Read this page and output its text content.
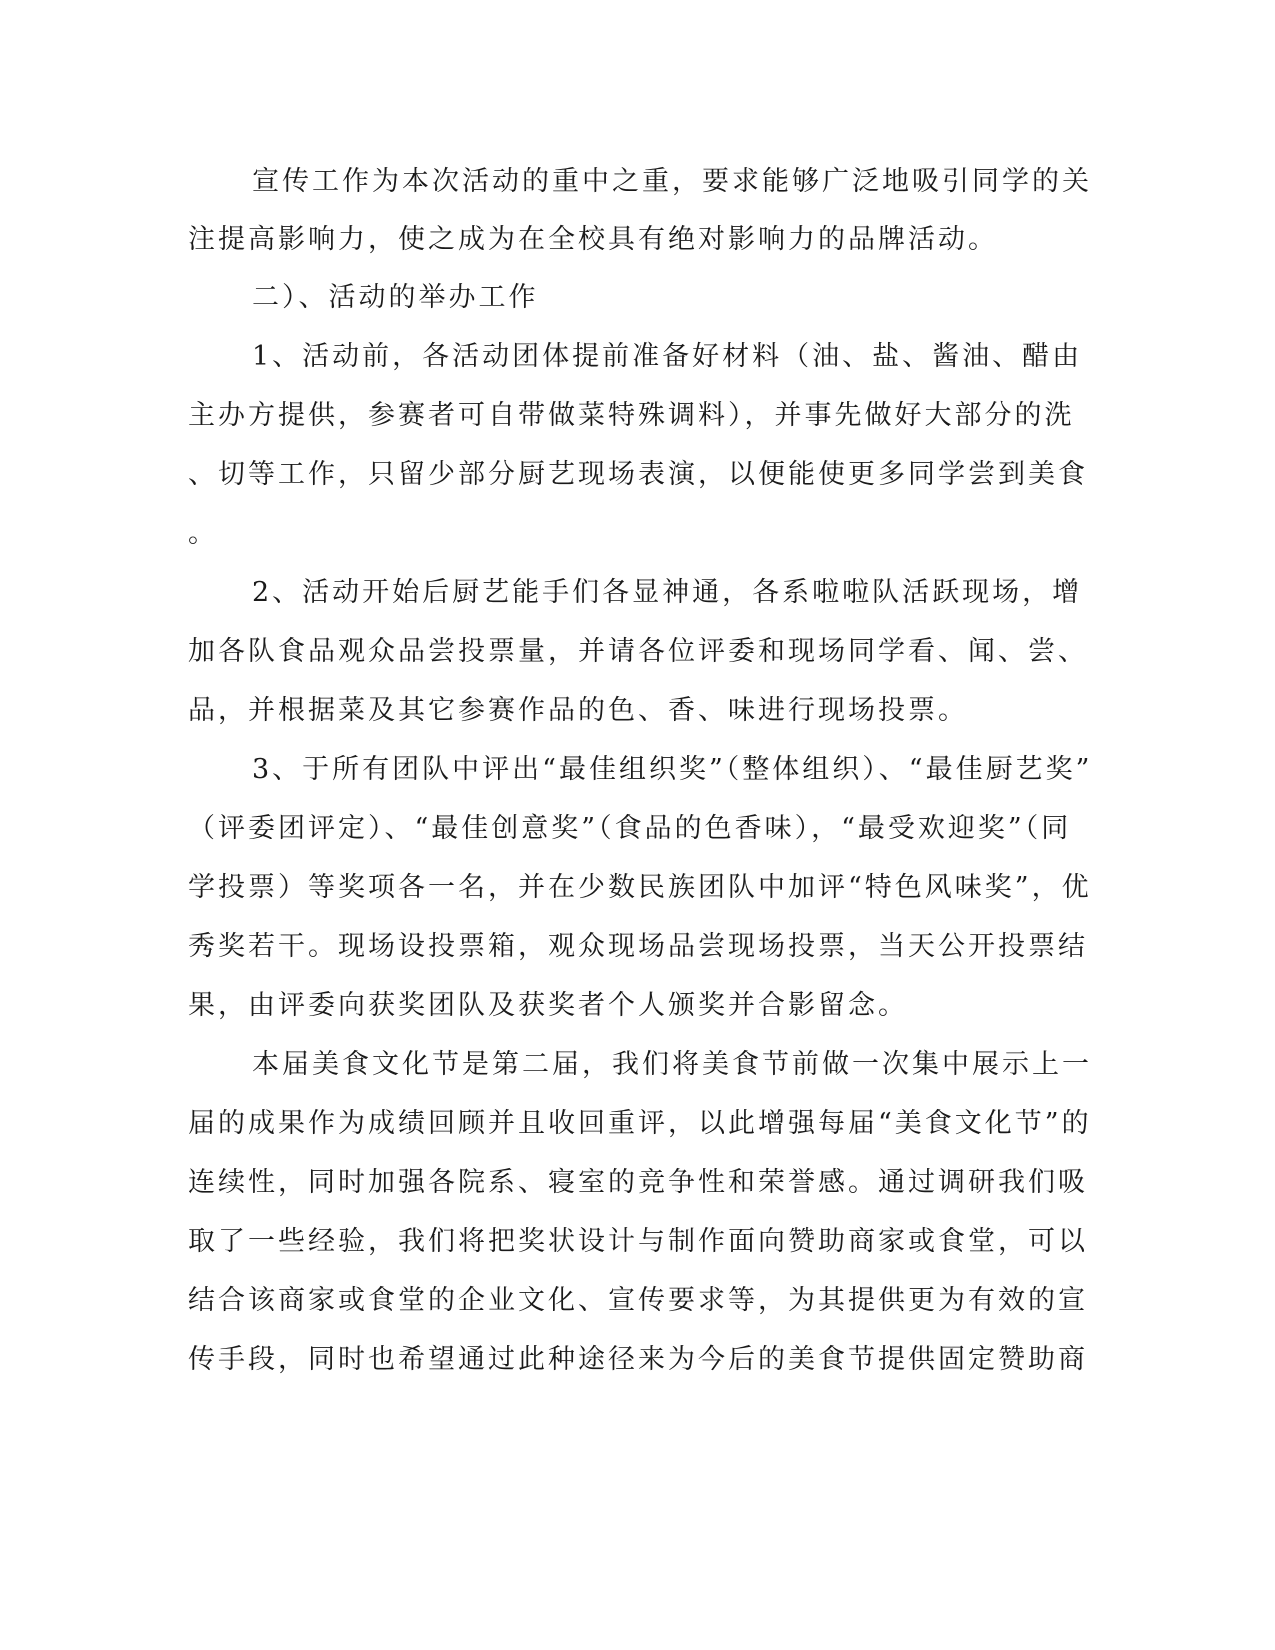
宣传工作为本次活动的重中之重，要求能够广泛地吸引同学的关
注提高影响力，使之成为在全校具有绝对影响力的品牌活动。
二）、活动的举办工作
1、活动前，各活动团体提前准备好材料（油、盐、酱油、醋由
主办方提供，参赛者可自带做菜特殊调料），并事先做好大部分的洗
、切等工作，只留少部分厨艺现场表演，以便能使更多同学尝到美食
。
2、活动开始后厨艺能手们各显神通，各系啦啦队活跃现场，增
加各队食品观众品尝投票量，并请各位评委和现场同学看、闻、尝、
品，并根据菜及其它参赛作品的色、香、味进行现场投票。
3、于所有团队中评出“最佳组织奖”（整体组织）、“最佳厨艺奖”
（评委团评定）、“最佳创意奖”（食品的色香味），“最受欢迎奖”（同
学投票）等奖项各一名，并在少数民族团队中加评“特色风味奖”，优
秀奖若干。现场设投票箱，观众现场品尝现场投票，当天公开投票结
果，由评委向获奖团队及获奖者个人颁奖并合影留念。
本届美食文化节是第二届，我们将美食节前做一次集中展示上一
届的成果作为成绩回顾并且收回重评，以此增强每届“美食文化节”的
连续性，同时加强各院系、寝室的竞争性和荣誉感。通过调研我们吸
取了一些经验，我们将把奖状设计与制作面向赞助商家或食堂，可以
结合该商家或食堂的企业文化、宣传要求等，为其提供更为有效的宣
传手段，同时也希望通过此种途径来为今后的美食节提供固定赞助商
